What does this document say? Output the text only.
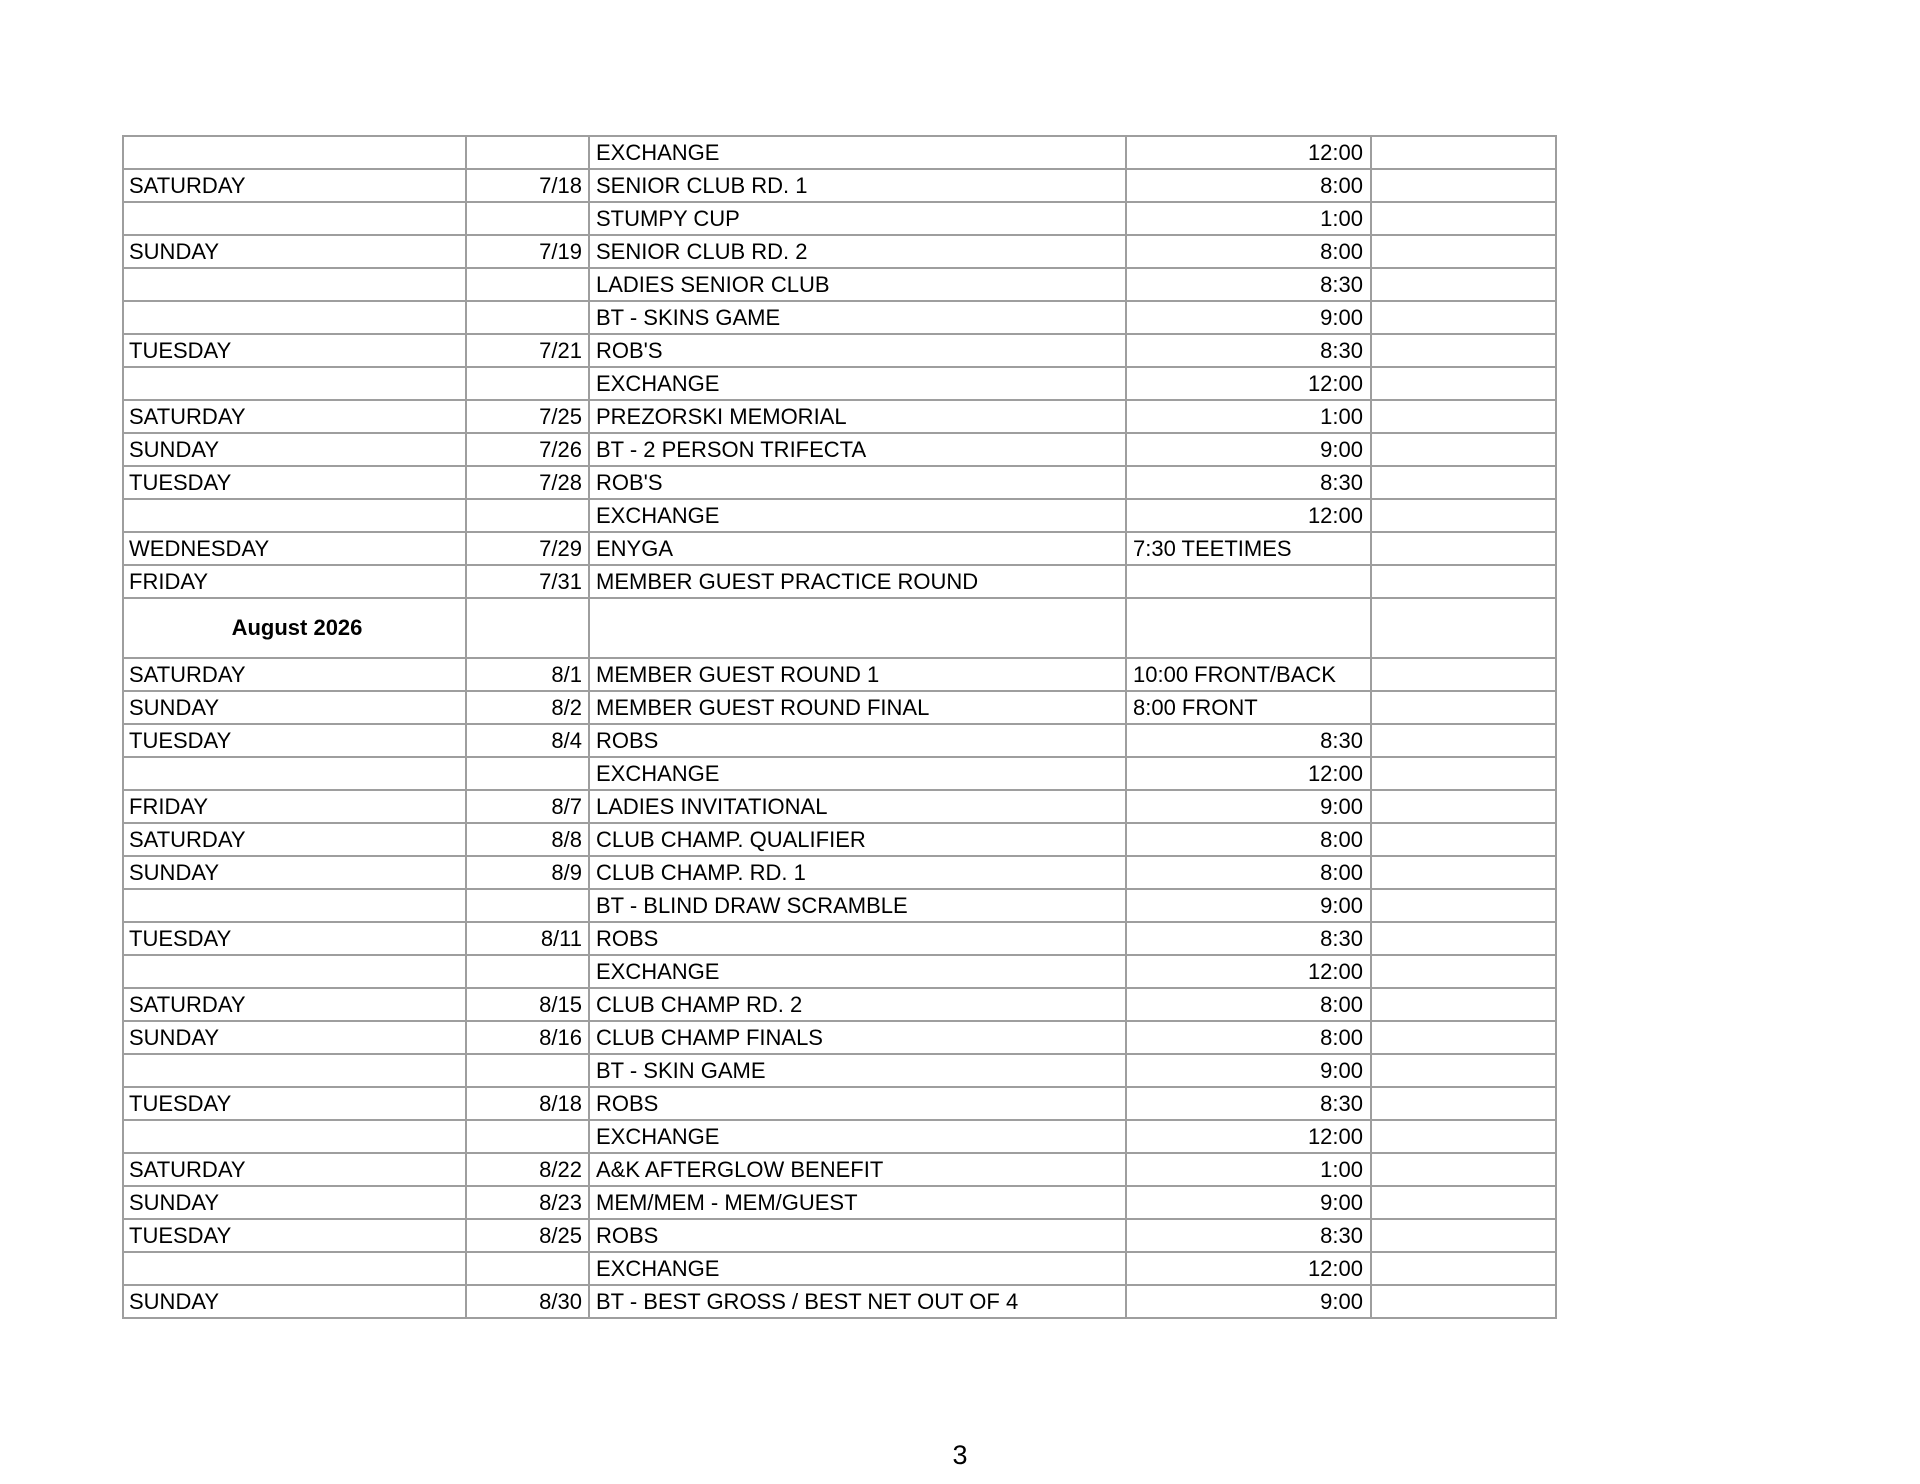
		EXCHANGE	12:00	
SATURDAY	7/18	SENIOR CLUB RD. 1	8:00	
		STUMPY CUP	1:00	
SUNDAY	7/19	SENIOR CLUB RD. 2	8:00	
		LADIES SENIOR CLUB	8:30	
		BT - SKINS GAME	9:00	
TUESDAY	7/21	ROB'S	8:30	
		EXCHANGE	12:00	
SATURDAY	7/25	PREZORSKI MEMORIAL	1:00	
SUNDAY	7/26	BT - 2 PERSON TRIFECTA	9:00	
TUESDAY	7/28	ROB'S	8:30	
		EXCHANGE	12:00	
WEDNESDAY	7/29	ENYGA	7:30 TEETIMES	
FRIDAY	7/31	MEMBER GUEST PRACTICE ROUND		
August 2026				
SATURDAY	8/1	MEMBER GUEST ROUND 1	10:00 FRONT/BACK	
SUNDAY	8/2	MEMBER GUEST ROUND FINAL	8:00 FRONT	
TUESDAY	8/4	ROBS	8:30	
		EXCHANGE	12:00	
FRIDAY	8/7	LADIES INVITATIONAL	9:00	
SATURDAY	8/8	CLUB CHAMP. QUALIFIER	8:00	
SUNDAY	8/9	CLUB CHAMP. RD. 1	8:00	
		BT - BLIND DRAW SCRAMBLE	9:00	
TUESDAY	8/11	ROBS	8:30	
		EXCHANGE	12:00	
SATURDAY	8/15	CLUB CHAMP RD. 2	8:00	
SUNDAY	8/16	CLUB CHAMP FINALS	8:00	
		BT - SKIN GAME	9:00	
TUESDAY	8/18	ROBS	8:30	
		EXCHANGE	12:00	
SATURDAY	8/22	A&K AFTERGLOW BENEFIT	1:00	
SUNDAY	8/23	MEM/MEM - MEM/GUEST	9:00	
TUESDAY	8/25	ROBS	8:30	
		EXCHANGE	12:00	
SUNDAY	8/30	BT - BEST GROSS / BEST NET OUT OF 4	9:00	
3
